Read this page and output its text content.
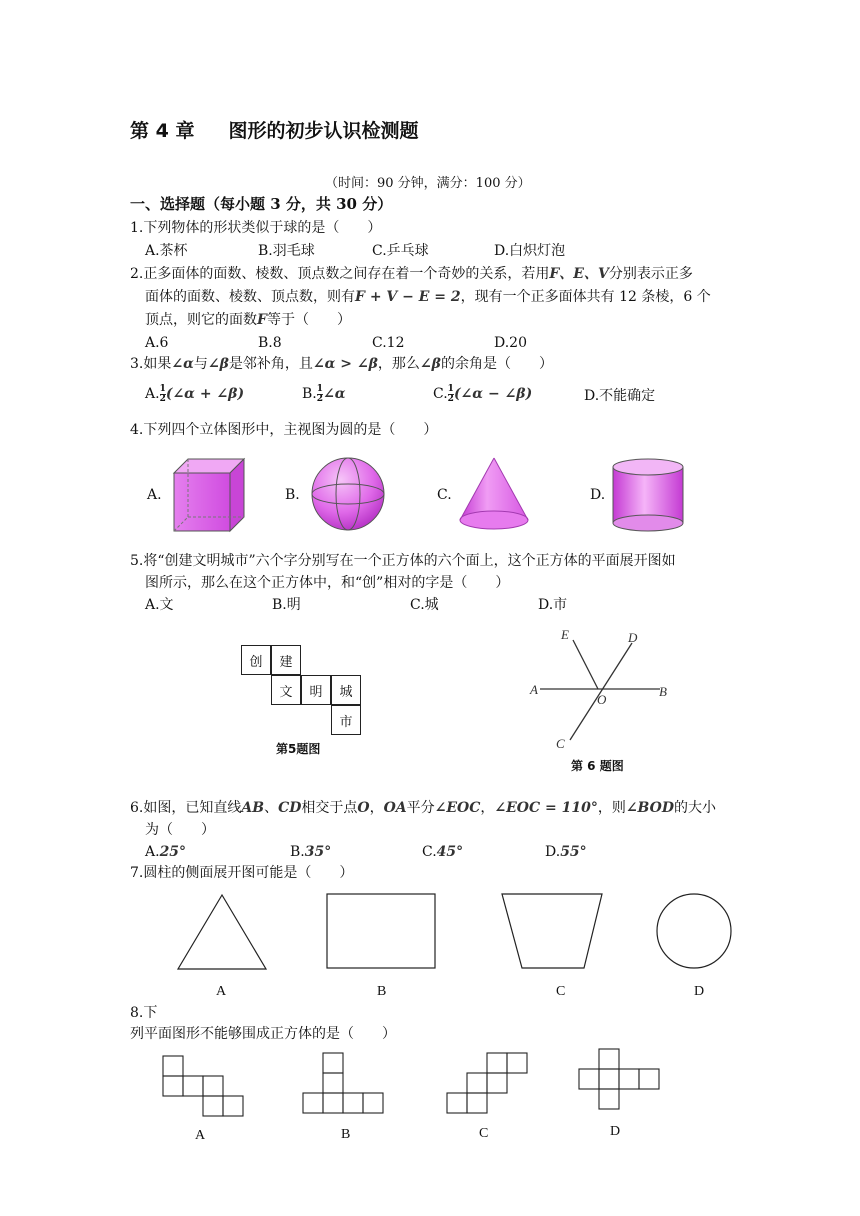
第 4 章 图形的初步认识检测题
（时间：90 分钟，满分：100 分）
一、选择题（每小题 3 分，共 30 分）
1.下列物体的形状类似于球的是（　　）
A.茶杯	B.羽毛球	C.乒乓球	D.白炽灯泡
2.正多面体的面数、棱数、顶点数之间存在着一个奇妙的关系，若用F、E、V分别表示正多
面体的面数、棱数、顶点数，则有F + V − E = 2，现有一个正多面体共有 12 条棱，6 个
顶点，则它的面数F等于（　　）
A.6	B.8	C.12	D.20
3.如果∠α与∠β是邻补角，且∠α > ∠β，那么∠β的余角是（　　）
A. $\frac{1}{2}$ (∠α + ∠β)	B. $\frac{1}{2}$ ∠α	C. $\frac{1}{2}$ (∠α − ∠β)	D.不能确定
4.下列四个立体图形中，主视图为圆的是（　　）
A.	B.	C.	D.
5.将“创建文明城市”六个字分别写在一个正方体的六个面上，这个正方体的平面展开图如
图所示，那么在这个正方体中，和“创”相对的字是（　　）
A.文	B.明	C.城	D.市
创	建
文	明	城
市
第5题图
E	D
A
O
B
C
第 6 题图
6.如图，已知直线AB、CD相交于点O，OA平分∠EOC，∠EOC = 110°，则∠BOD的大小
为（　　）
A.25°	B.35°	C.45°	D.55°
7.圆柱的侧面展开图可能是（　　）
A	B	C	D
8.下
列平面图形不能够围成正方体的是（　　）
A	B	C	D
